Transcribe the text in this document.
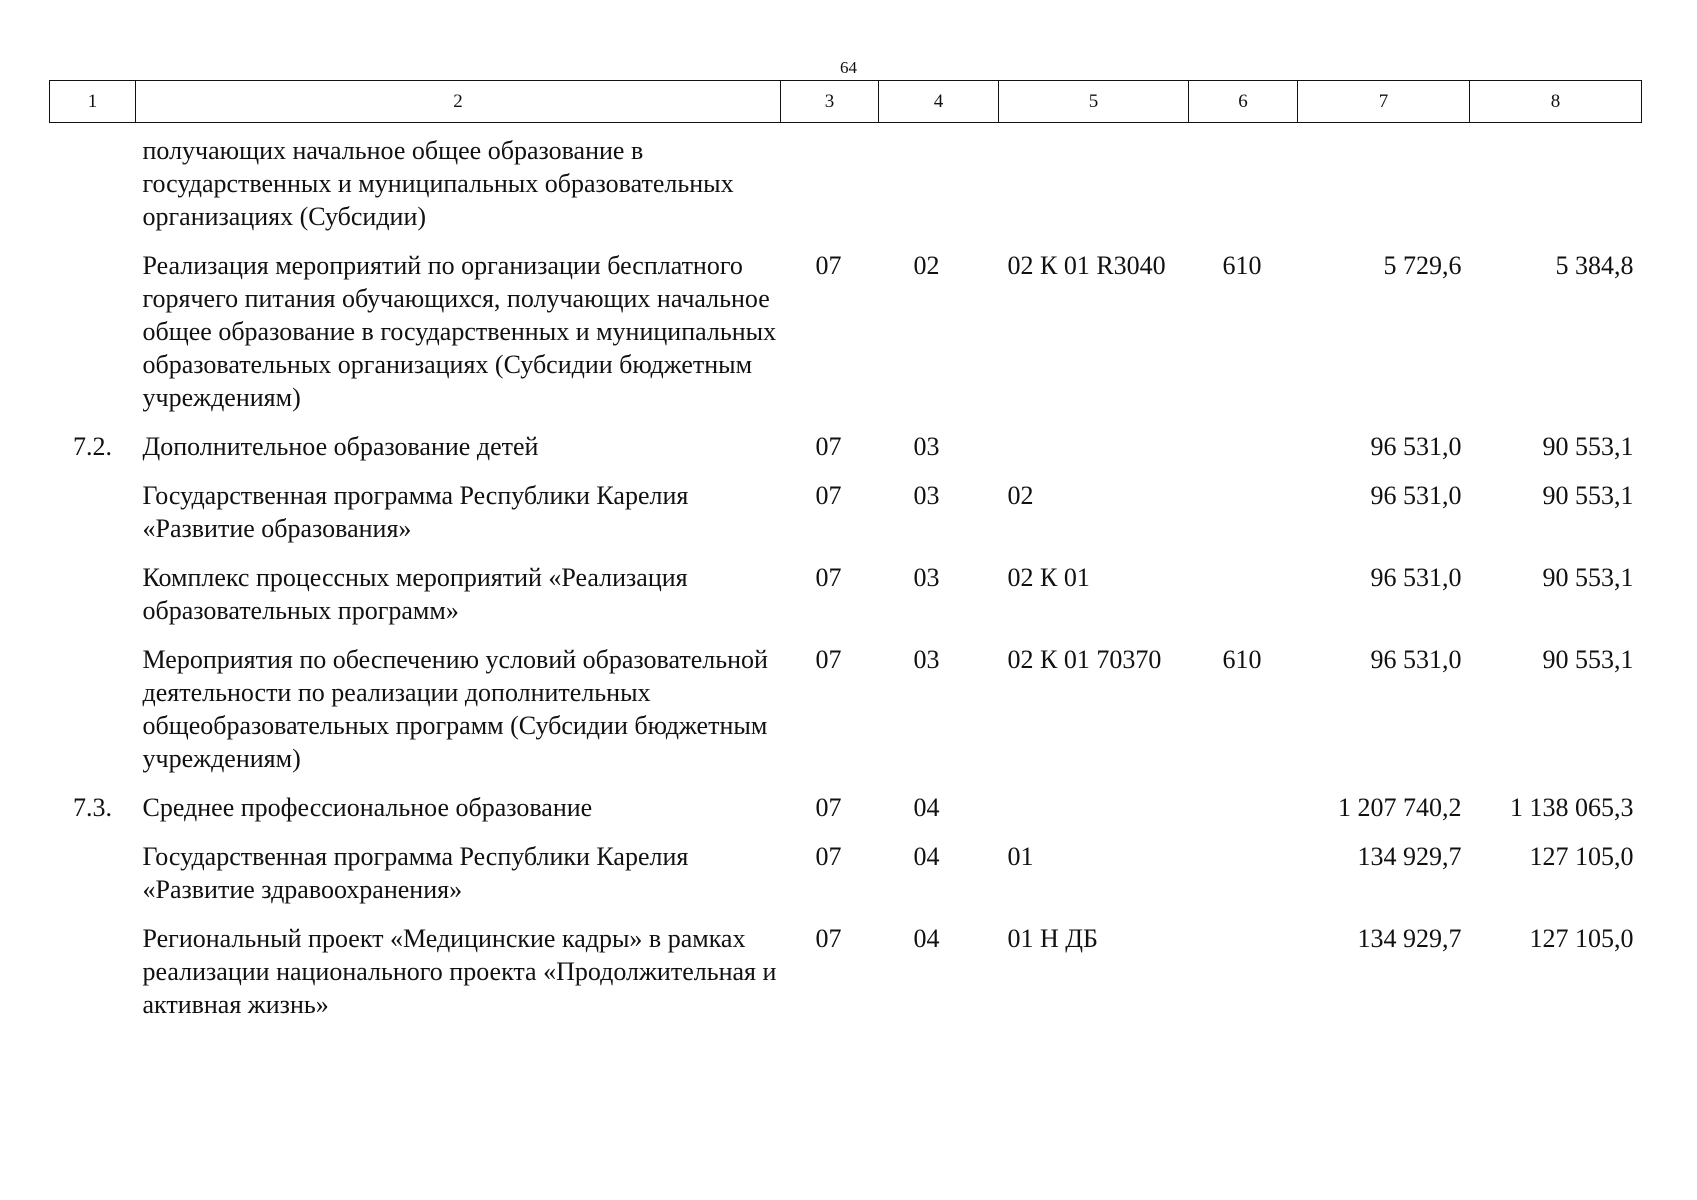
64
1	2	3	4	5	6	7	8
	получающих начальное общее образование в государственных и муниципальных образовательных организациях (Субсидии)						
	Реализация мероприятий по организации бесплатного горячего питания обучающихся, получающих начальное общее образование в государственных и муниципальных образовательных организациях (Субсидии бюджетным учреждениям)	07	02	02 К 01 R3040	610	5 729,6	5 384,8
7.2.	Дополнительное образование детей	07	03			96 531,0	90 553,1
	Государственная программа Республики Карелия «Развитие образования»	07	03	02		96 531,0	90 553,1
	Комплекс процессных мероприятий «Реализация образовательных программ»	07	03	02 К 01		96 531,0	90 553,1
	Мероприятия по обеспечению условий образовательной деятельности по реализации дополнительных общеобразовательных программ (Субсидии бюджетным учреждениям)	07	03	02 К 01 70370	610	96 531,0	90 553,1
7.3.	Среднее профессиональное образование	07	04			1 207 740,2	1 138 065,3
	Государственная программа Республики Карелия «Развитие здравоохранения»	07	04	01		134 929,7	127 105,0
	Региональный проект «Медицинские кадры» в рамках реализации национального проекта «Продолжительная и активная жизнь»	07	04	01 Н ДБ		134 929,7	127 105,0
